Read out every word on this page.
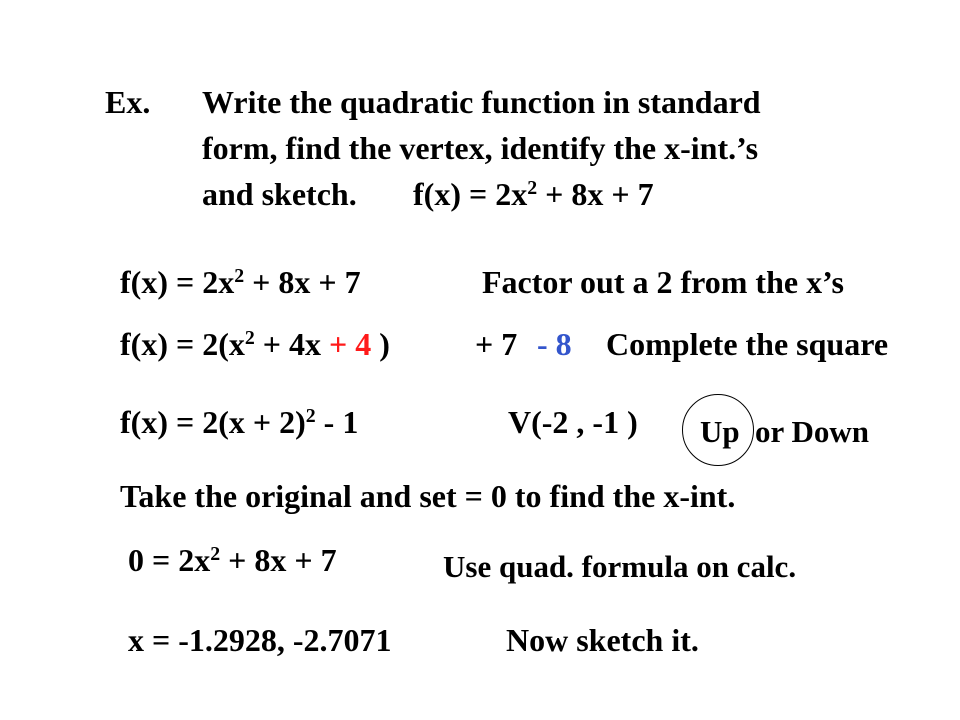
Ex. Write the quadratic function in standard
form, find the vertex, identify the x-int.’s
and sketch. $f(x) = 2x^2 + 8x + 7$
$f(x) = 2x^2 + 8x + 7$	Factor out a 2 from the x’s
$f(x) = 2(x^2 + 4x + 4$ )	+ 7 - 8 Complete the square
$f(x) = 2(x + 2)^2 - 1$	V(-2 , -1 ) Up or Down
Take the original and set = 0 to find the x-int.
$0 = 2x^2 + 8x + 7$	Use quad. formula on calc.
x = -1.2928, -2.7071	Now sketch it.
